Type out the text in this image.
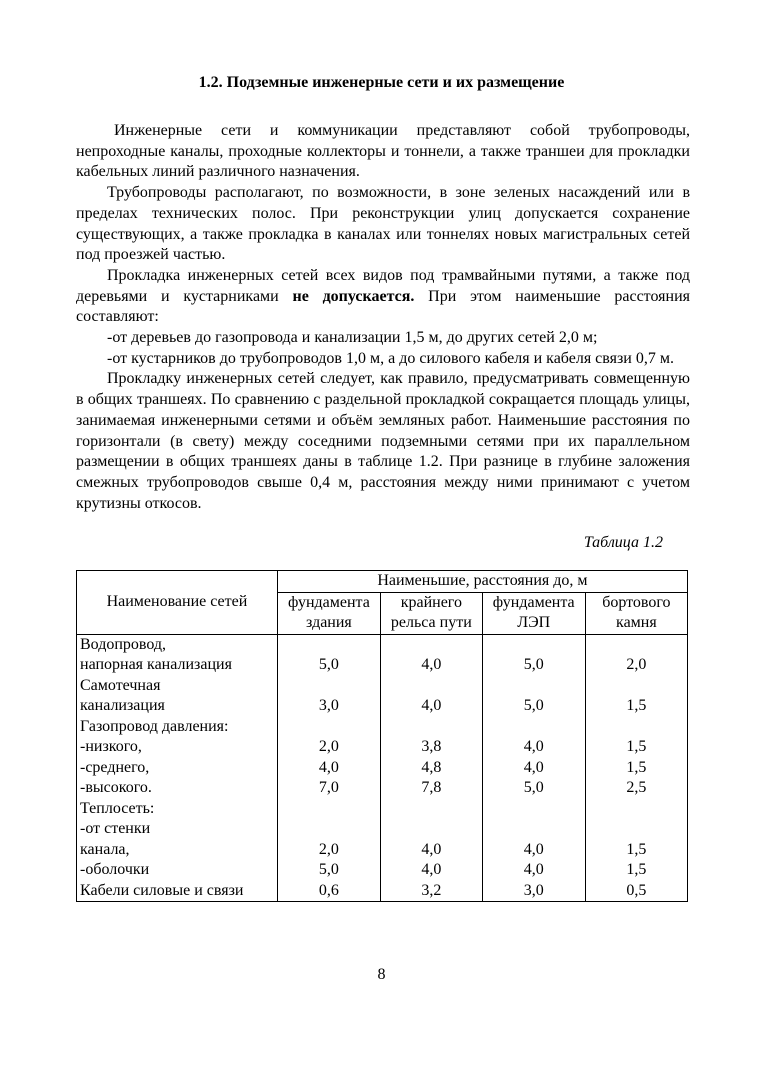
1.2. Подземные инженерные сети и их размещение

Инженерные сети и коммуникации представляют собой трубопроводы, непроходные каналы, проходные коллекторы и тоннели, а также траншеи для прокладки кабельных линий различного назначения.

Трубопроводы располагают, по возможности, в зоне зеленых насаждений или в пределах технических полос. При реконструкции улиц допускается сохранение существующих, а также прокладка в каналах или тоннелях новых магистральных сетей под проезжей частью.

Прокладка инженерных сетей всех видов под трамвайными путями, а также под деревьями и кустарниками не допускается. При этом наименьшие расстояния составляют:

-от деревьев до газопровода и канализации 1,5 м, до других сетей 2,0 м;

-от кустарников до трубопроводов 1,0 м, а до силового кабеля и кабеля связи 0,7 м.

Прокладку инженерных сетей следует, как правило, предусматривать совмещенную в общих траншеях. По сравнению с раздельной прокладкой сокращается площадь улицы, занимаемая инженерными сетями и объём земляных работ. Наименьшие расстояния по горизонтали (в свету) между соседними подземными сетями при их параллельном размещении в общих траншеях даны в таблице 1.2. При разнице в глубине заложения смежных трубопроводов свыше 0,4 м, расстояния между ними принимают с учетом крутизны откосов.

Таблица 1.2
Наименование сетей	Наименьшие, расстояния до, м			
	фундамента здания	крайнего рельса пути	фундамента ЛЭП	бортового камня

Водопровод,
напорная канализация	5,0	4,0	5,0	2,0

Самотечная
канализация	3,0	4,0	5,0	1,5

Газопровод давления:				

-низкого,	2,0	3,8	4,0	1,5

-среднего,	4,0	4,8	4,0	1,5

-высокого.	7,0	7,8	5,0	2,5

Теплосеть:
-от стенки
канала,	2,0	4,0	4,0	1,5

-оболочки	5,0	4,0	4,0	1,5

Кабели силовые и связи	0,6	3,2	3,0	0,5
8
